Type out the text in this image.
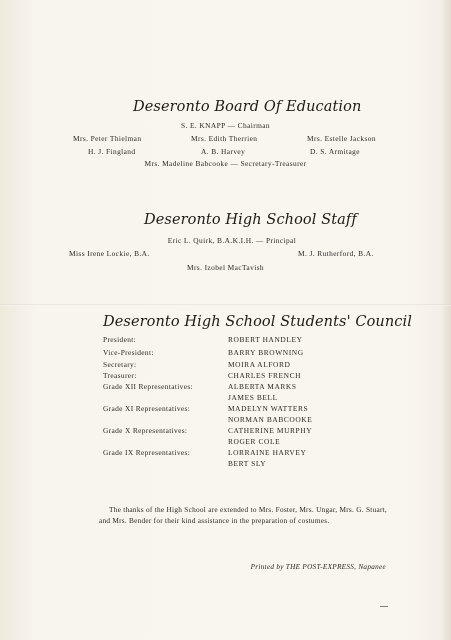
Deseronto Board Of Education
S. E. KNAPP — Chairman
Mrs. Peter Thielman	Mrs. Edith Therrien	Mrs. Estelle Jackson
H. J. Fingland	A. B. Harvey	D. S. Armitage
Mrs. Madeline Babcooke — Secretary-Treasurer
Deseronto High School Staff
Eric L. Quirk, B.A.K.I.H. — Principal
Miss Irene Lockie, B.A.	M. J. Rutherford, B.A.
Mrs. Izobel MacTavish
Deseronto High School Students' Council
President:	ROBERT HANDLEY
Vice-President:	BARRY BROWNING
Secretary:	MOIRA ALFORD
Treasurer:	CHARLES FRENCH
Grade XII Representatives:	ALBERTA MARKS
JAMES BELL
Grade XI Representatives:	MADELYN WATTERS
NORMAN BABCOOKE
Grade X Representatives:	CATHERINE MURPHY
ROGER COLE
Grade IX Representatives:	LORRAINE HARVEY
BERT SLY
The thanks of the High School are extended to Mrs. Foster, Mrs. Ungar, Mrs. G. Stuart, and Mrs. Bender for their kind assistance in the preparation of costumes.
Printed by THE POST-EXPRESS, Napanee
